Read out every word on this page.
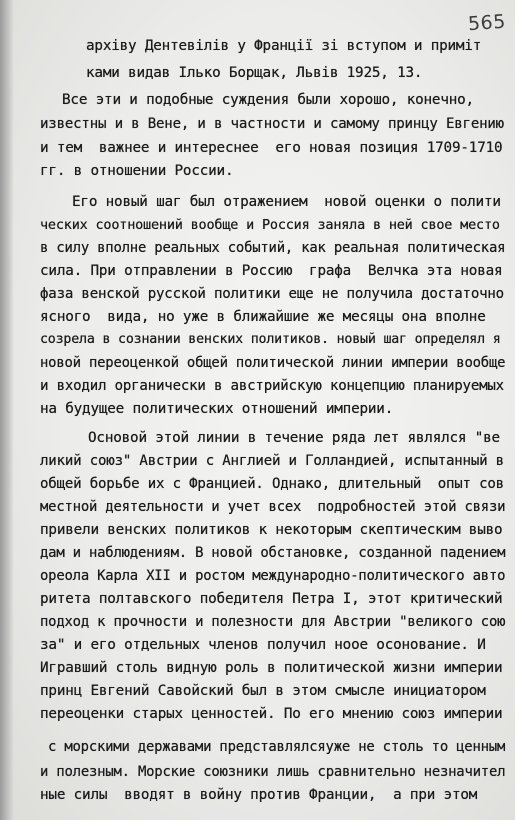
565
архіву Дентевілів у Франції зі вступом и приміт
ками видав Ілько Борщак, Львів 1925, 13.
Все эти и подобные суждения были хорошо, конечно,
известны и в Вене, и в частности и самому принцу Евгению
и тем  важнее и интереснее  его новая позиция 1709-1710
гг. в отношении России.
Его новый шаг был отражением  новой оценки о полити
ческих соотношений вообще и Россия заняла в ней свое место
в силу вполне реальных событий, как реальная политическая
сила. При отправлении в Россию  графа  Велчка эта новая
фаза венской русской политики еще не получила достаточно
ясного  вида, но уже в ближайшие же месяцы она вполне
созрела в сознании венских политиков. новый шаг определял я
новой переоценкой общей политической линии империи вообще
и входил органически в австрийскую концепцию планируемых
на будущее политических отношений империи.
Основой этой линии в течение ряда лет являлся "ве
ликий союз" Австрии с Англией и Голландией, испытанный в
общей борьбе их с Францией. Однако, длительный  опыт сов
местной деятельности и учет всех  подробностей этой связи
привели венских политиков к некоторым скептическим выво
дам и наблюдениям. В новой обстановке, созданной падением
ореола Карла XII и ростом международно-политического авто
ритета полтавского победителя Петра I, этот критический
подход к прочности и полезности для Австрии "великого сою
за" и его отдельных членов получил ноое осонование. И
Игравший столь видную роль в политической жизни империи
принц Евгений Савойский был в этом смысле инициатором
переоценки старых ценностей. По его мнению союз империи
с морскими державами представлялсяуже не столь то ценным
и полезным. Морские союзники лишь сравнительно незначител
ные силы  вводят в войну против Франции,  а при этом
